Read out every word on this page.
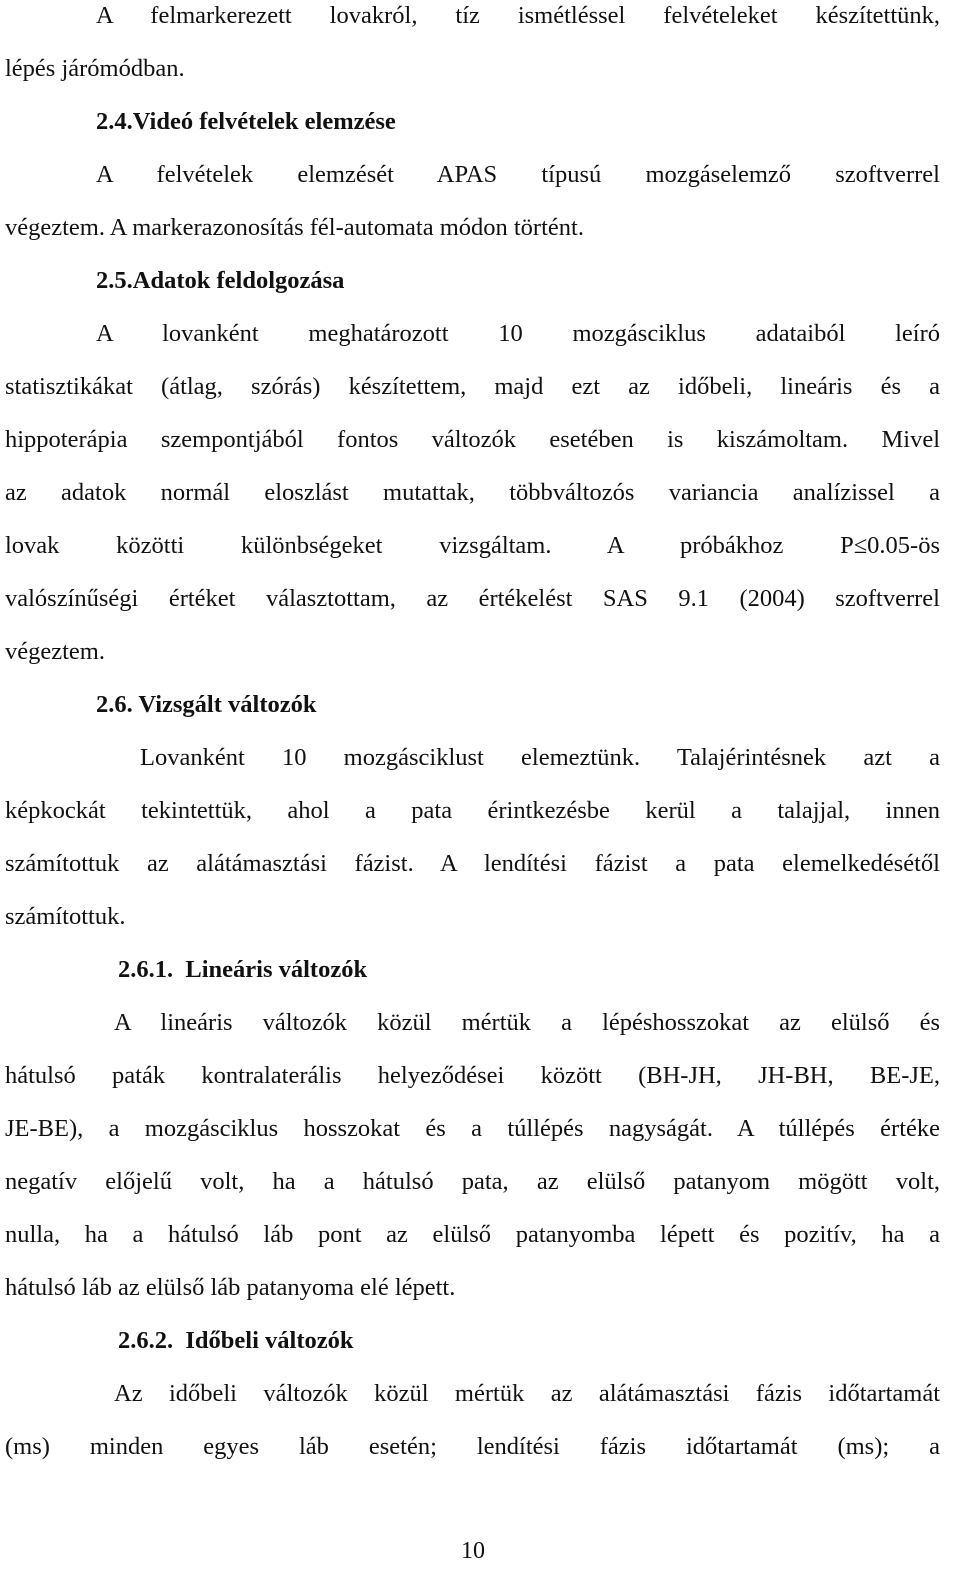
A felmarkerezett lovakról, tíz ismétléssel felvételeket készítettünk,
lépés járómódban.
2.4.Videó felvételek elemzése
A felvételek elemzését APAS típusú mozgáselemző szoftverrel
végeztem. A markerazonosítás fél-automata módon történt.
2.5.Adatok feldolgozása
A lovanként meghatározott 10 mozgásciklus adataiból leíró
statisztikákat (átlag, szórás) készítettem, majd ezt az időbeli, lineáris és a
hippoterápia szempontjából fontos változók esetében is kiszámoltam. Mivel
az adatok normál eloszlást mutattak, többváltozós variancia analízissel a
lovak közötti különbségeket vizsgáltam. A próbákhoz P≤0.05-ös
valószínűségi értéket választottam, az értékelést SAS 9.1 (2004) szoftverrel
végeztem.
2.6. Vizsgált változók
Lovanként 10 mozgásciklust elemeztünk. Talajérintésnek azt a
képkockát tekintettük, ahol a pata érintkezésbe kerül a talajjal, innen
számítottuk az alátámasztási fázist. A lendítési fázist a pata elemelkedésétől
számítottuk.
2.6.1.  Lineáris változók
A lineáris változók közül mértük a lépéshosszokat az elülső és
hátulsó paták kontralaterális helyeződései között (BH-JH, JH-BH, BE-JE,
JE-BE), a mozgásciklus hosszokat és a túllépés nagyságát. A túllépés értéke
negatív előjelű volt, ha a hátulsó pata, az elülső patanyom mögött volt,
nulla, ha a hátulsó láb pont az elülső patanyomba lépett és pozitív, ha a
hátulsó láb az elülső láb patanyoma elé lépett.
2.6.2.  Időbeli változók
Az időbeli változók közül mértük az alátámasztási fázis időtartamát
(ms) minden egyes láb esetén; lendítési fázis időtartamát (ms); a
10
